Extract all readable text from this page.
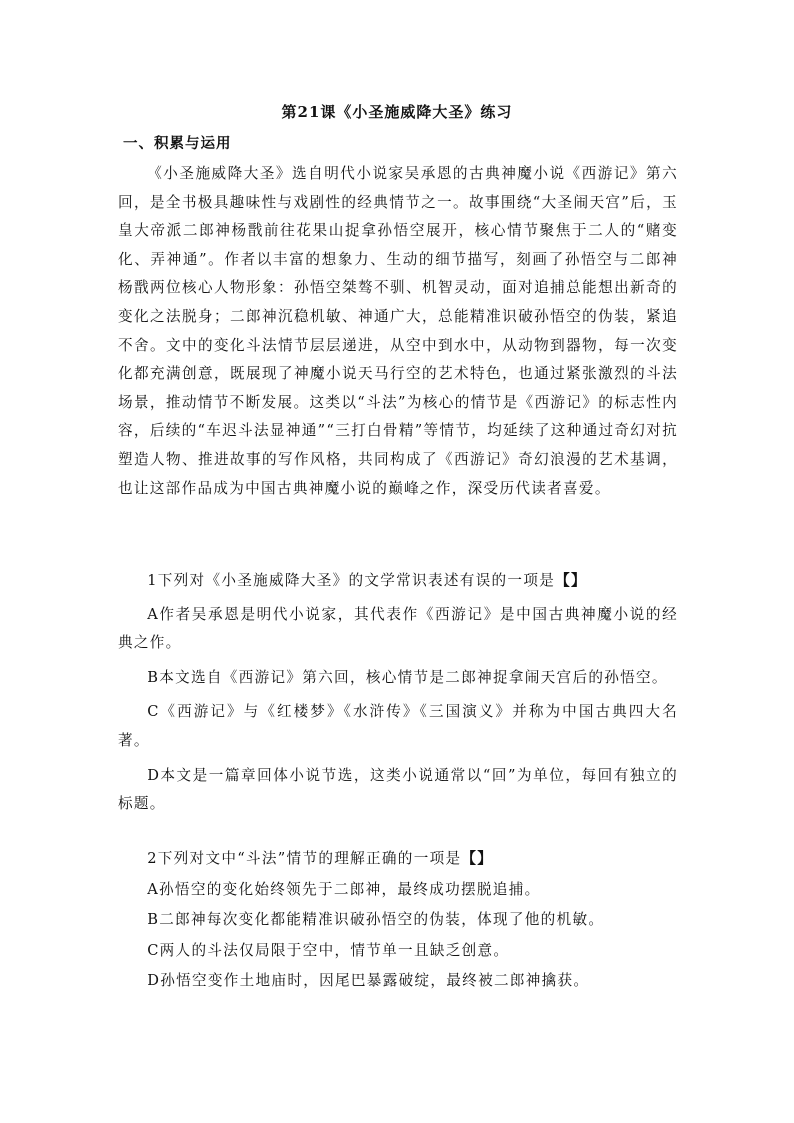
第21课《小圣施威降大圣》练习
一、积累与运用

《小圣施威降大圣》选自明代小说家吴承恩的古典神魔小说《西游记》第六回，是全书极具趣味性与戏剧性的经典情节之一。故事围绕“大圣闹天宫”后，玉皇大帝派二郎神杨戬前往花果山捉拿孙悟空展开，核心情节聚焦于二人的“赌变化、弄神通”。作者以丰富的想象力、生动的细节描写，刻画了孙悟空与二郎神杨戬两位核心人物形象：孙悟空桀骜不驯、机智灵动，面对追捕总能想出新奇的变化之法脱身；二郎神沉稳机敏、神通广大，总能精准识破孙悟空的伪装，紧追不舍。文中的变化斗法情节层层递进，从空中到水中，从动物到器物，每一次变化都充满创意，既展现了神魔小说天马行空的艺术特色，也通过紧张激烈的斗法场景，推动情节不断发展。这类以“斗法”为核心的情节是《西游记》的标志性内容，后续的“车迟斗法显神通”“三打白骨精”等情节，均延续了这种通过奇幻对抗塑造人物、推进故事的写作风格，共同构成了《西游记》奇幻浪漫的艺术基调，也让这部作品成为中国古典神魔小说的巅峰之作，深受历代读者喜爱。

1下列对《小圣施威降大圣》的文学常识表述有误的一项是【】

A作者吴承恩是明代小说家，其代表作《西游记》是中国古典神魔小说的经典之作。

B本文选自《西游记》第六回，核心情节是二郎神捉拿闹天宫后的孙悟空。

C《西游记》与《红楼梦》《水浒传》《三国演义》并称为中国古典四大名著。

D本文是一篇章回体小说节选，这类小说通常以“回”为单位，每回有独立的标题。

2下列对文中“斗法”情节的理解正确的一项是【】

A孙悟空的变化始终领先于二郎神，最终成功摆脱追捕。

B二郎神每次变化都能精准识破孙悟空的伪装，体现了他的机敏。

C两人的斗法仅局限于空中，情节单一且缺乏创意。

D孙悟空变作土地庙时，因尾巴暴露破绽，最终被二郎神擒获。
